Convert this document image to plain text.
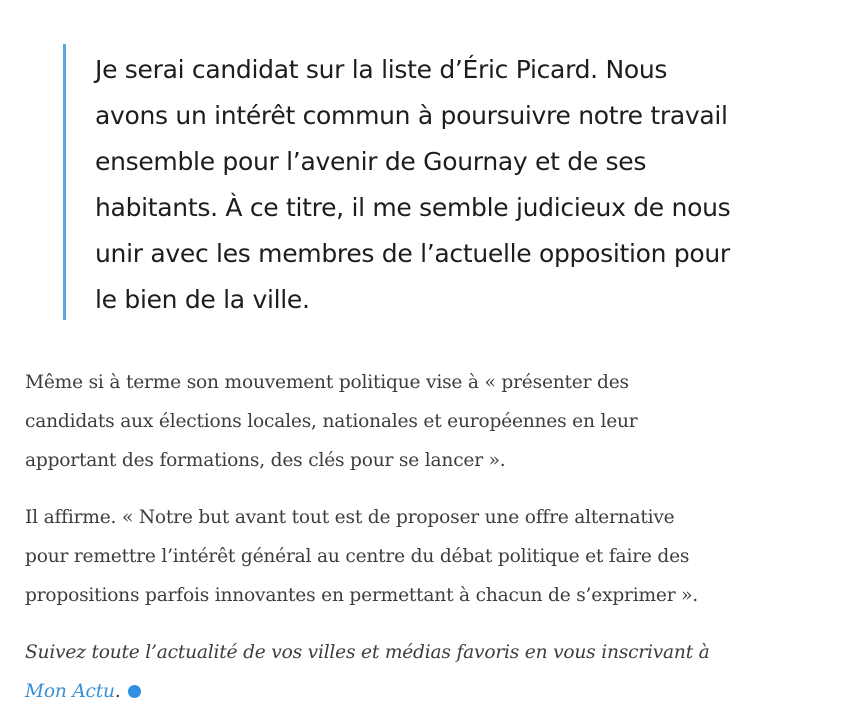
Je serai candidat sur la liste d’Éric Picard. Nous
avons un intérêt commun à poursuivre notre travail
ensemble pour l’avenir de Gournay et de ses
habitants. À ce titre, il me semble judicieux de nous
unir avec les membres de l’actuelle opposition pour
le bien de la ville.

Même si à terme son mouvement politique vise à « présenter des
candidats aux élections locales, nationales et européennes en leur
apportant des formations, des clés pour se lancer ».

Il affirme. « Notre but avant tout est de proposer une offre alternative
pour remettre l’intérêt général au centre du débat politique et faire des
propositions parfois innovantes en permettant à chacun de s’exprimer ».

Suivez toute l’actualité de vos villes et médias favoris en vous inscrivant à
Mon Actu.
